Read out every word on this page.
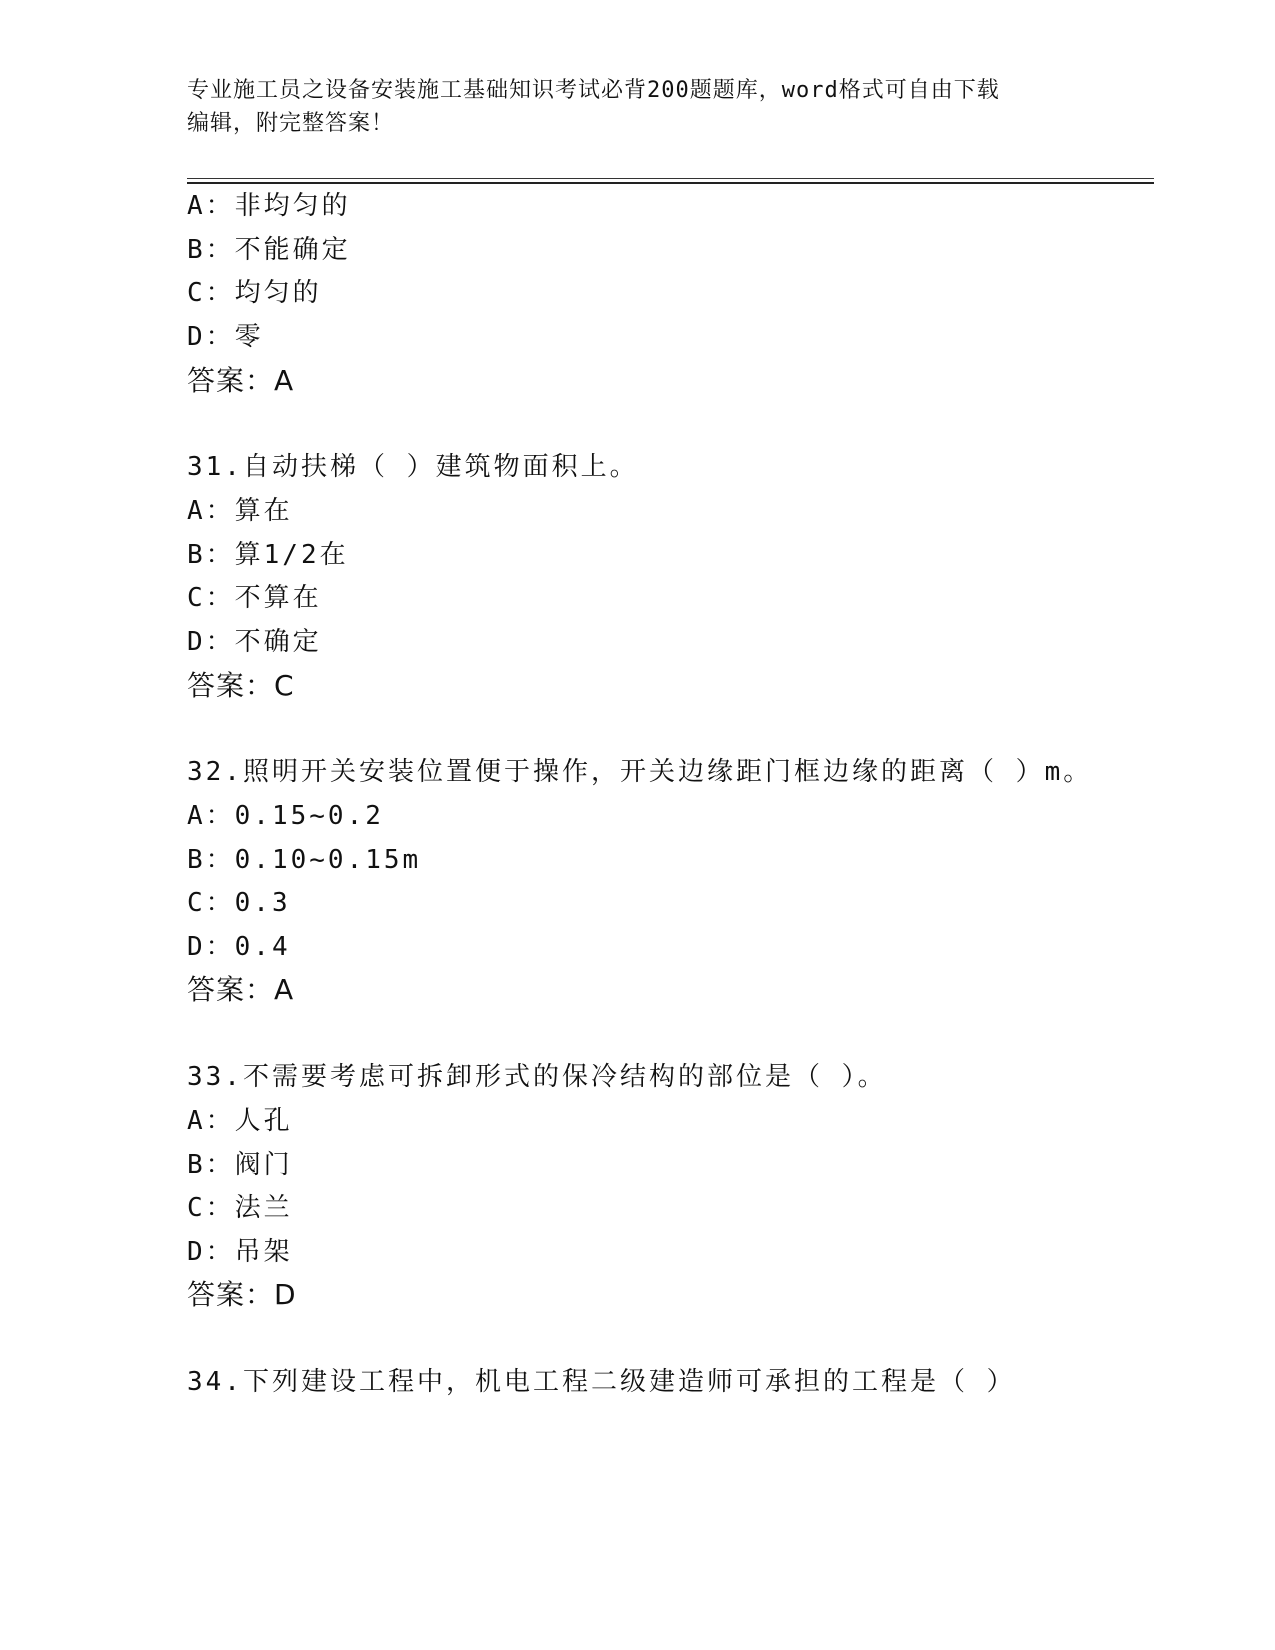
专业施工员之设备安装施工基础知识考试必背200题题库，word格式可自由下载
编辑，附完整答案！
A：非均匀的
B：不能确定
C：均匀的
D：零
答案：A
31.自动扶梯（ ）建筑物面积上。
A：算在
B：算1/2在
C：不算在
D：不确定
答案：C
32.照明开关安装位置便于操作，开关边缘距门框边缘的距离（ ）m。
A：0.15~0.2
B：0.10~0.15m
C：0.3
D：0.4
答案：A
33.不需要考虑可拆卸形式的保冷结构的部位是（ ）。
A：人孔
B：阀门
C：法兰
D：吊架
答案：D
34.下列建设工程中，机电工程二级建造师可承担的工程是（ ）
